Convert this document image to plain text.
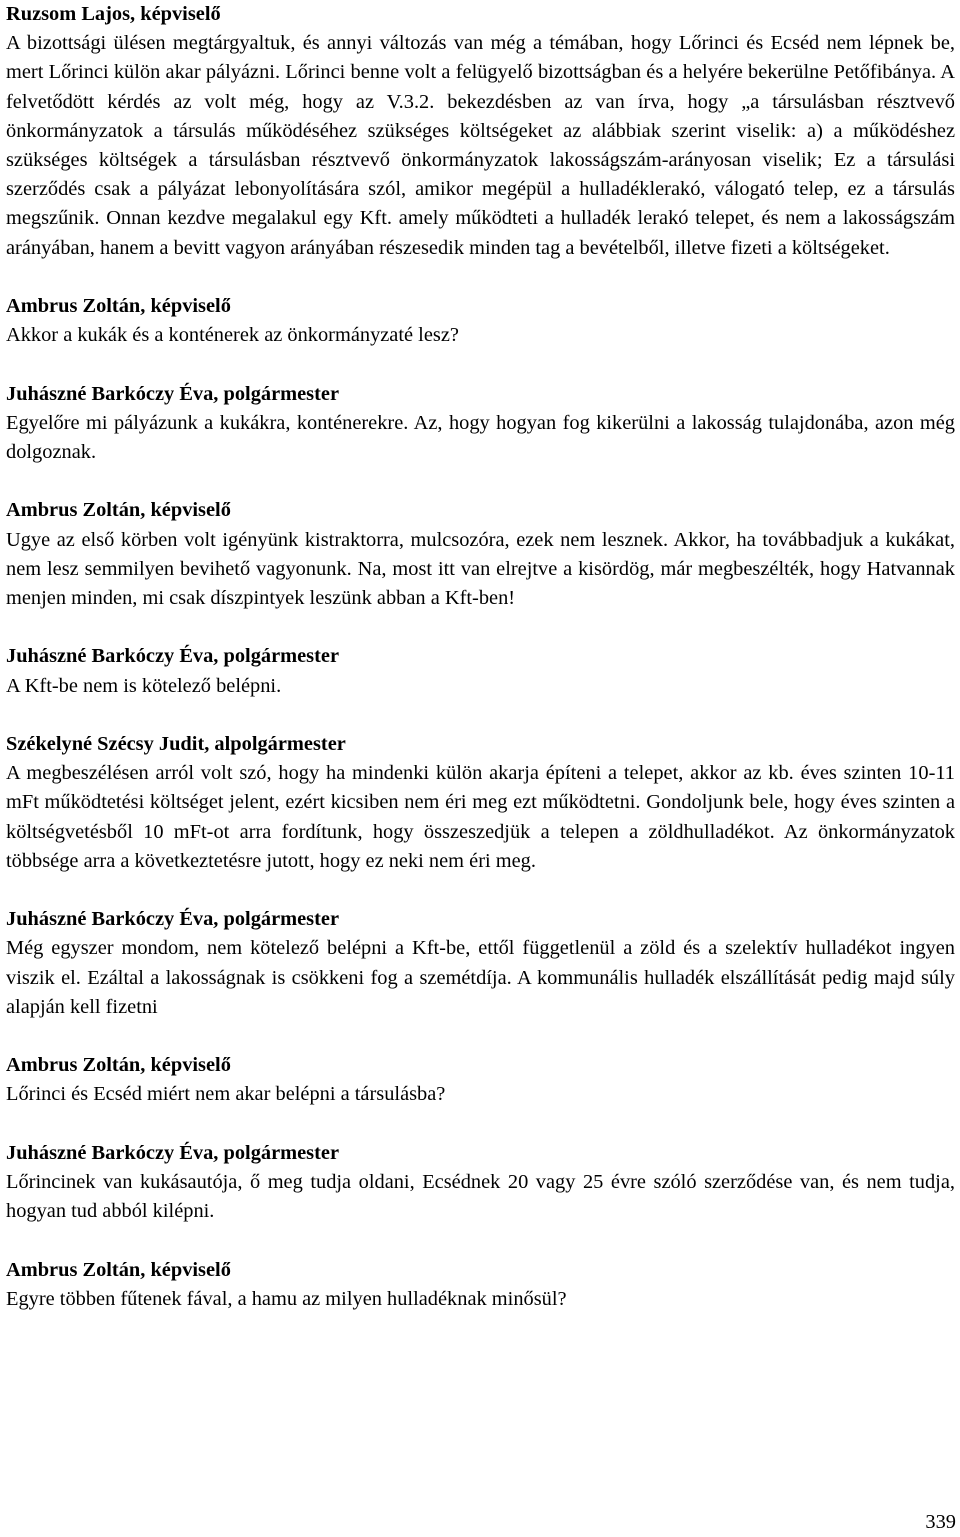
Ruzsom Lajos, képviselő
A bizottsági ülésen megtárgyaltuk, és annyi változás van még a témában, hogy Lőrinci és Ecséd nem lépnek be, mert Lőrinci külön akar pályázni. Lőrinci benne volt a felügyelő bizottságban és a helyére bekerülne Petőfibánya. A felvetődött kérdés az volt még, hogy az V.3.2. bekezdésben az van írva, hogy „a társulásban résztvevő önkormányzatok a társulás működéséhez szükséges költségeket az alábbiak szerint viselik: a) a működéshez szükséges költségek a társulásban résztvevő önkormányzatok lakosságszám-arányosan viselik; Ez a társulási szerződés csak a pályázat lebonyolítására szól, amikor megépül a hulladéklerakó, válogató telep, ez a társulás megszűnik. Onnan kezdve megalakul egy Kft. amely működteti a hulladék lerakó telepet, és nem a lakosságszám arányában, hanem a bevitt vagyon arányában részesedik minden tag a bevételből, illetve fizeti a költségeket.
Ambrus Zoltán, képviselő
Akkor a kukák és a konténerek az önkormányzaté lesz?
Juhászné Barkóczy Éva, polgármester
Egyelőre mi pályázunk a kukákra, konténerekre. Az, hogy hogyan fog kikerülni a lakosság tulajdonába, azon még dolgoznak.
Ambrus Zoltán, képviselő
Ugye az első körben volt igényünk kistraktorra, mulcsozóra, ezek nem lesznek. Akkor, ha továbbadjuk a kukákat, nem lesz semmilyen bevihető vagyonunk. Na, most itt van elrejtve a kisördög, már megbeszélték, hogy Hatvannak menjen minden, mi csak díszpintyek leszünk abban a Kft-ben!
Juhászné Barkóczy Éva, polgármester
A Kft-be nem is kötelező belépni.
Székelyné Szécsy Judit, alpolgármester
A megbeszélésen arról volt szó, hogy ha mindenki külön akarja építeni a telepet, akkor az kb. éves szinten 10-11 mFt működtetési költséget jelent, ezért kicsiben nem éri meg ezt működtetni. Gondoljunk bele, hogy éves szinten a költségvetésből 10 mFt-ot arra fordítunk, hogy összeszedjük a telepen a zöldhulladékot. Az önkormányzatok többsége arra a következtetésre jutott, hogy ez neki nem éri meg.
Juhászné Barkóczy Éva, polgármester
Még egyszer mondom, nem kötelező belépni a Kft-be, ettől függetlenül a zöld és a szelektív hulladékot ingyen viszik el. Ezáltal a lakosságnak is csökkeni fog a szemétdíja. A kommunális hulladék elszállítását pedig majd súly alapján kell fizetni
Ambrus Zoltán, képviselő
Lőrinci és Ecséd miért nem akar belépni a társulásba?
Juhászné Barkóczy Éva, polgármester
Lőrincinek van kukásautója, ő meg tudja oldani, Ecsédnek 20 vagy 25 évre szóló szerződése van, és nem tudja, hogyan tud abból kilépni.
Ambrus Zoltán, képviselő
Egyre többen fűtenek fával, a hamu az milyen hulladéknak minősül?
339
